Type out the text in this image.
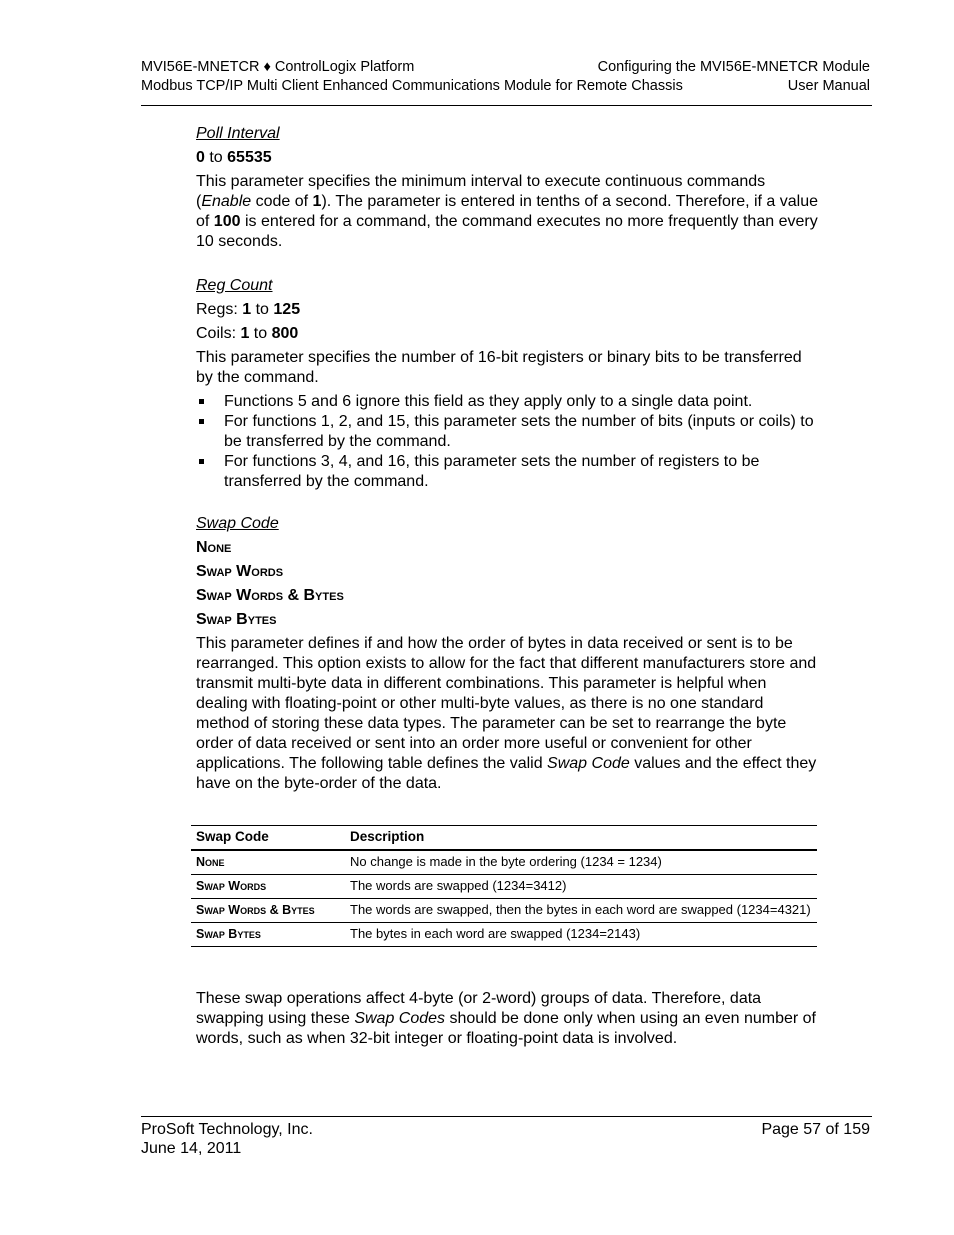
MVI56E-MNETCR ♦ ControlLogix Platform
Modbus TCP/IP Multi Client Enhanced Communications Module for Remote Chassis
Configuring the MVI56E-MNETCR Module
User Manual
Poll Interval
0 to 65535
This parameter specifies the minimum interval to execute continuous commands (Enable code of 1). The parameter is entered in tenths of a second. Therefore, if a value of 100 is entered for a command, the command executes no more frequently than every 10 seconds.
Reg Count
Regs: 1 to 125
Coils: 1 to 800
This parameter specifies the number of 16-bit registers or binary bits to be transferred by the command.
Functions 5 and 6 ignore this field as they apply only to a single data point.
For functions 1, 2, and 15, this parameter sets the number of bits (inputs or coils) to be transferred by the command.
For functions 3, 4, and 16, this parameter sets the number of registers to be transferred by the command.
Swap Code
None
Swap Words
Swap Words & Bytes
Swap Bytes
This parameter defines if and how the order of bytes in data received or sent is to be rearranged. This option exists to allow for the fact that different manufacturers store and transmit multi-byte data in different combinations. This parameter is helpful when dealing with floating-point or other multi-byte values, as there is no one standard method of storing these data types. The parameter can be set to rearrange the byte order of data received or sent into an order more useful or convenient for other applications. The following table defines the valid Swap Code values and the effect they have on the byte-order of the data.
Swap Code	Description
None	No change is made in the byte ordering (1234 = 1234)
Swap Words	The words are swapped (1234=3412)
Swap Words & Bytes	The words are swapped, then the bytes in each word are swapped (1234=4321)
Swap Bytes	The bytes in each word are swapped (1234=2143)
These swap operations affect 4-byte (or 2-word) groups of data. Therefore, data swapping using these Swap Codes should be done only when using an even number of words, such as when 32-bit integer or floating-point data is involved.
ProSoft Technology, Inc.
June 14, 2011
Page 57 of 159
